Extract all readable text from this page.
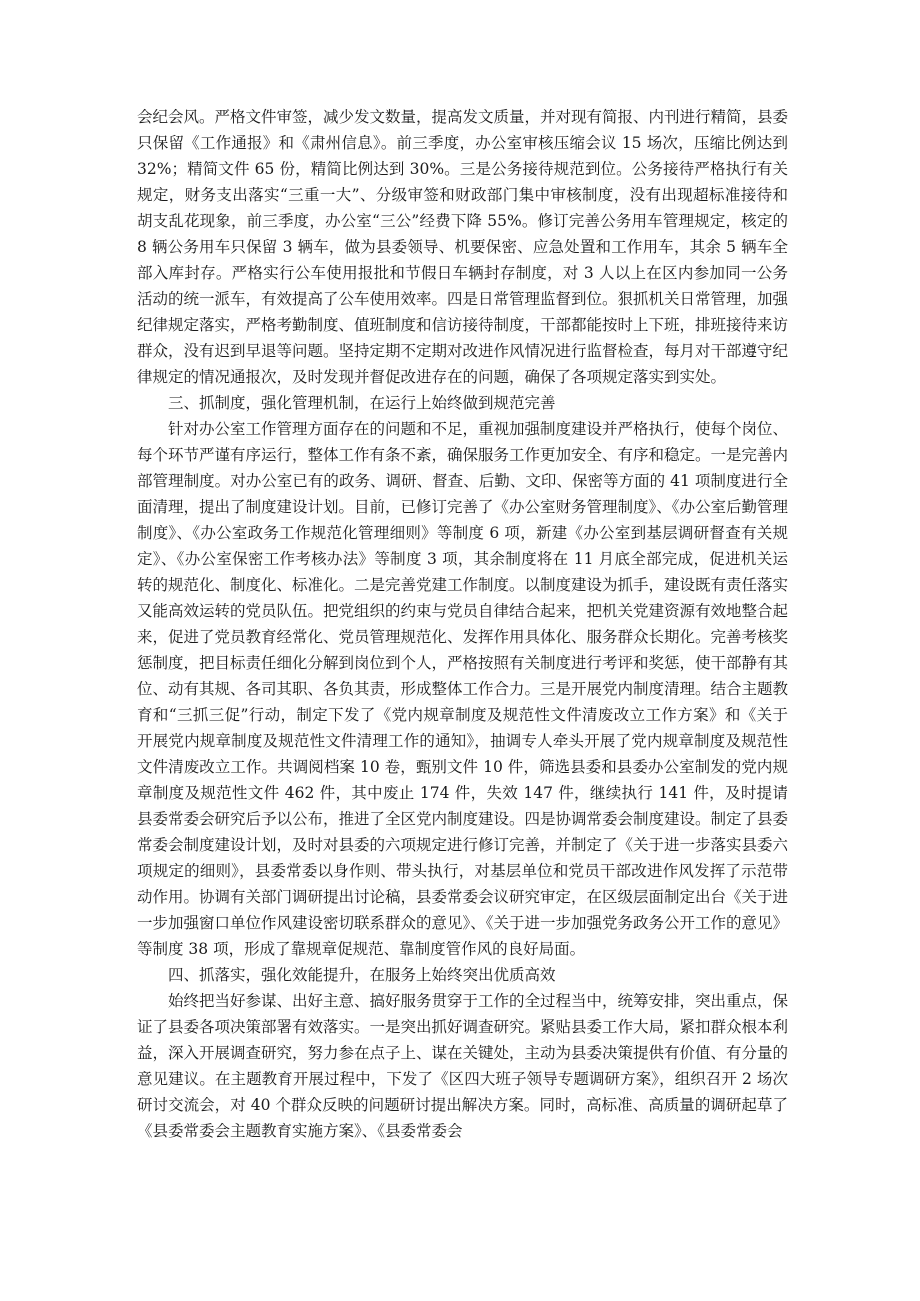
会纪会风。严格文件审签，减少发文数量，提高发文质量，并对现有简报、内刊进行精简，县委只保留《工作通报》和《肃州信息》。前三季度，办公室审核压缩会议 15 场次，压缩比例达到 32%；精简文件 65 份，精简比例达到 30%。三是公务接待规范到位。公务接待严格执行有关规定，财务支出落实“三重一大”、分级审签和财政部门集中审核制度，没有出现超标准接待和胡支乱花现象，前三季度，办公室“三公”经费下降 55%。修订完善公务用车管理规定，核定的 8 辆公务用车只保留 3 辆车，做为县委领导、机要保密、应急处置和工作用车，其余 5 辆车全部入库封存。严格实行公车使用报批和节假日车辆封存制度，对 3 人以上在区内参加同一公务活动的统一派车，有效提高了公车使用效率。四是日常管理监督到位。狠抓机关日常管理，加强纪律规定落实，严格考勤制度、值班制度和信访接待制度，干部都能按时上下班，排班接待来访群众，没有迟到早退等问题。坚持定期不定期对改进作风情况进行监督检查，每月对干部遵守纪律规定的情况通报次，及时发现并督促改进存在的问题，确保了各项规定落实到实处。

三、抓制度，强化管理机制，在运行上始终做到规范完善

针对办公室工作管理方面存在的问题和不足，重视加强制度建设并严格执行，使每个岗位、每个环节严谨有序运行，整体工作有条不紊，确保服务工作更加安全、有序和稳定。一是完善内部管理制度。对办公室已有的政务、调研、督查、后勤、文印、保密等方面的 41 项制度进行全面清理，提出了制度建设计划。目前，已修订完善了《办公室财务管理制度》、《办公室后勤管理制度》、《办公室政务工作规范化管理细则》等制度 6 项，新建《办公室到基层调研督查有关规定》、《办公室保密工作考核办法》等制度 3 项，其余制度将在 11 月底全部完成，促进机关运转的规范化、制度化、标准化。二是完善党建工作制度。以制度建设为抓手，建设既有责任落实又能高效运转的党员队伍。把党组织的约束与党员自律结合起来，把机关党建资源有效地整合起来，促进了党员教育经常化、党员管理规范化、发挥作用具体化、服务群众长期化。完善考核奖惩制度，把目标责任细化分解到岗位到个人，严格按照有关制度进行考评和奖惩，使干部静有其位、动有其规、各司其职、各负其责，形成整体工作合力。三是开展党内制度清理。结合主题教育和“三抓三促”行动，制定下发了《党内规章制度及规范性文件清废改立工作方案》和《关于开展党内规章制度及规范性文件清理工作的通知》，抽调专人牵头开展了党内规章制度及规范性文件清废改立工作。共调阅档案 10 卷，甄别文件 10 件，筛选县委和县委办公室制发的党内规章制度及规范性文件 462 件，其中废止 174 件，失效 147 件，继续执行 141 件，及时提请县委常委会研究后予以公布，推进了全区党内制度建设。四是协调常委会制度建设。制定了县委常委会制度建设计划，及时对县委的六项规定进行修订完善，并制定了《关于进一步落实县委六项规定的细则》，县委常委以身作则、带头执行，对基层单位和党员干部改进作风发挥了示范带动作用。协调有关部门调研提出讨论稿，县委常委会议研究审定，在区级层面制定出台《关于进一步加强窗口单位作风建设密切联系群众的意见》、《关于进一步加强党务政务公开工作的意见》等制度 38 项，形成了靠规章促规范、靠制度管作风的良好局面。

四、抓落实，强化效能提升，在服务上始终突出优质高效

始终把当好参谋、出好主意、搞好服务贯穿于工作的全过程当中，统筹安排，突出重点，保证了县委各项决策部署有效落实。一是突出抓好调查研究。紧贴县委工作大局，紧扣群众根本利益，深入开展调查研究，努力参在点子上、谋在关键处，主动为县委决策提供有价值、有分量的意见建议。在主题教育开展过程中，下发了《区四大班子领导专题调研方案》，组织召开 2 场次研讨交流会，对 40 个群众反映的问题研讨提出解决方案。同时，高标准、高质量的调研起草了《县委常委会主题教育实施方案》、《县委常委会
